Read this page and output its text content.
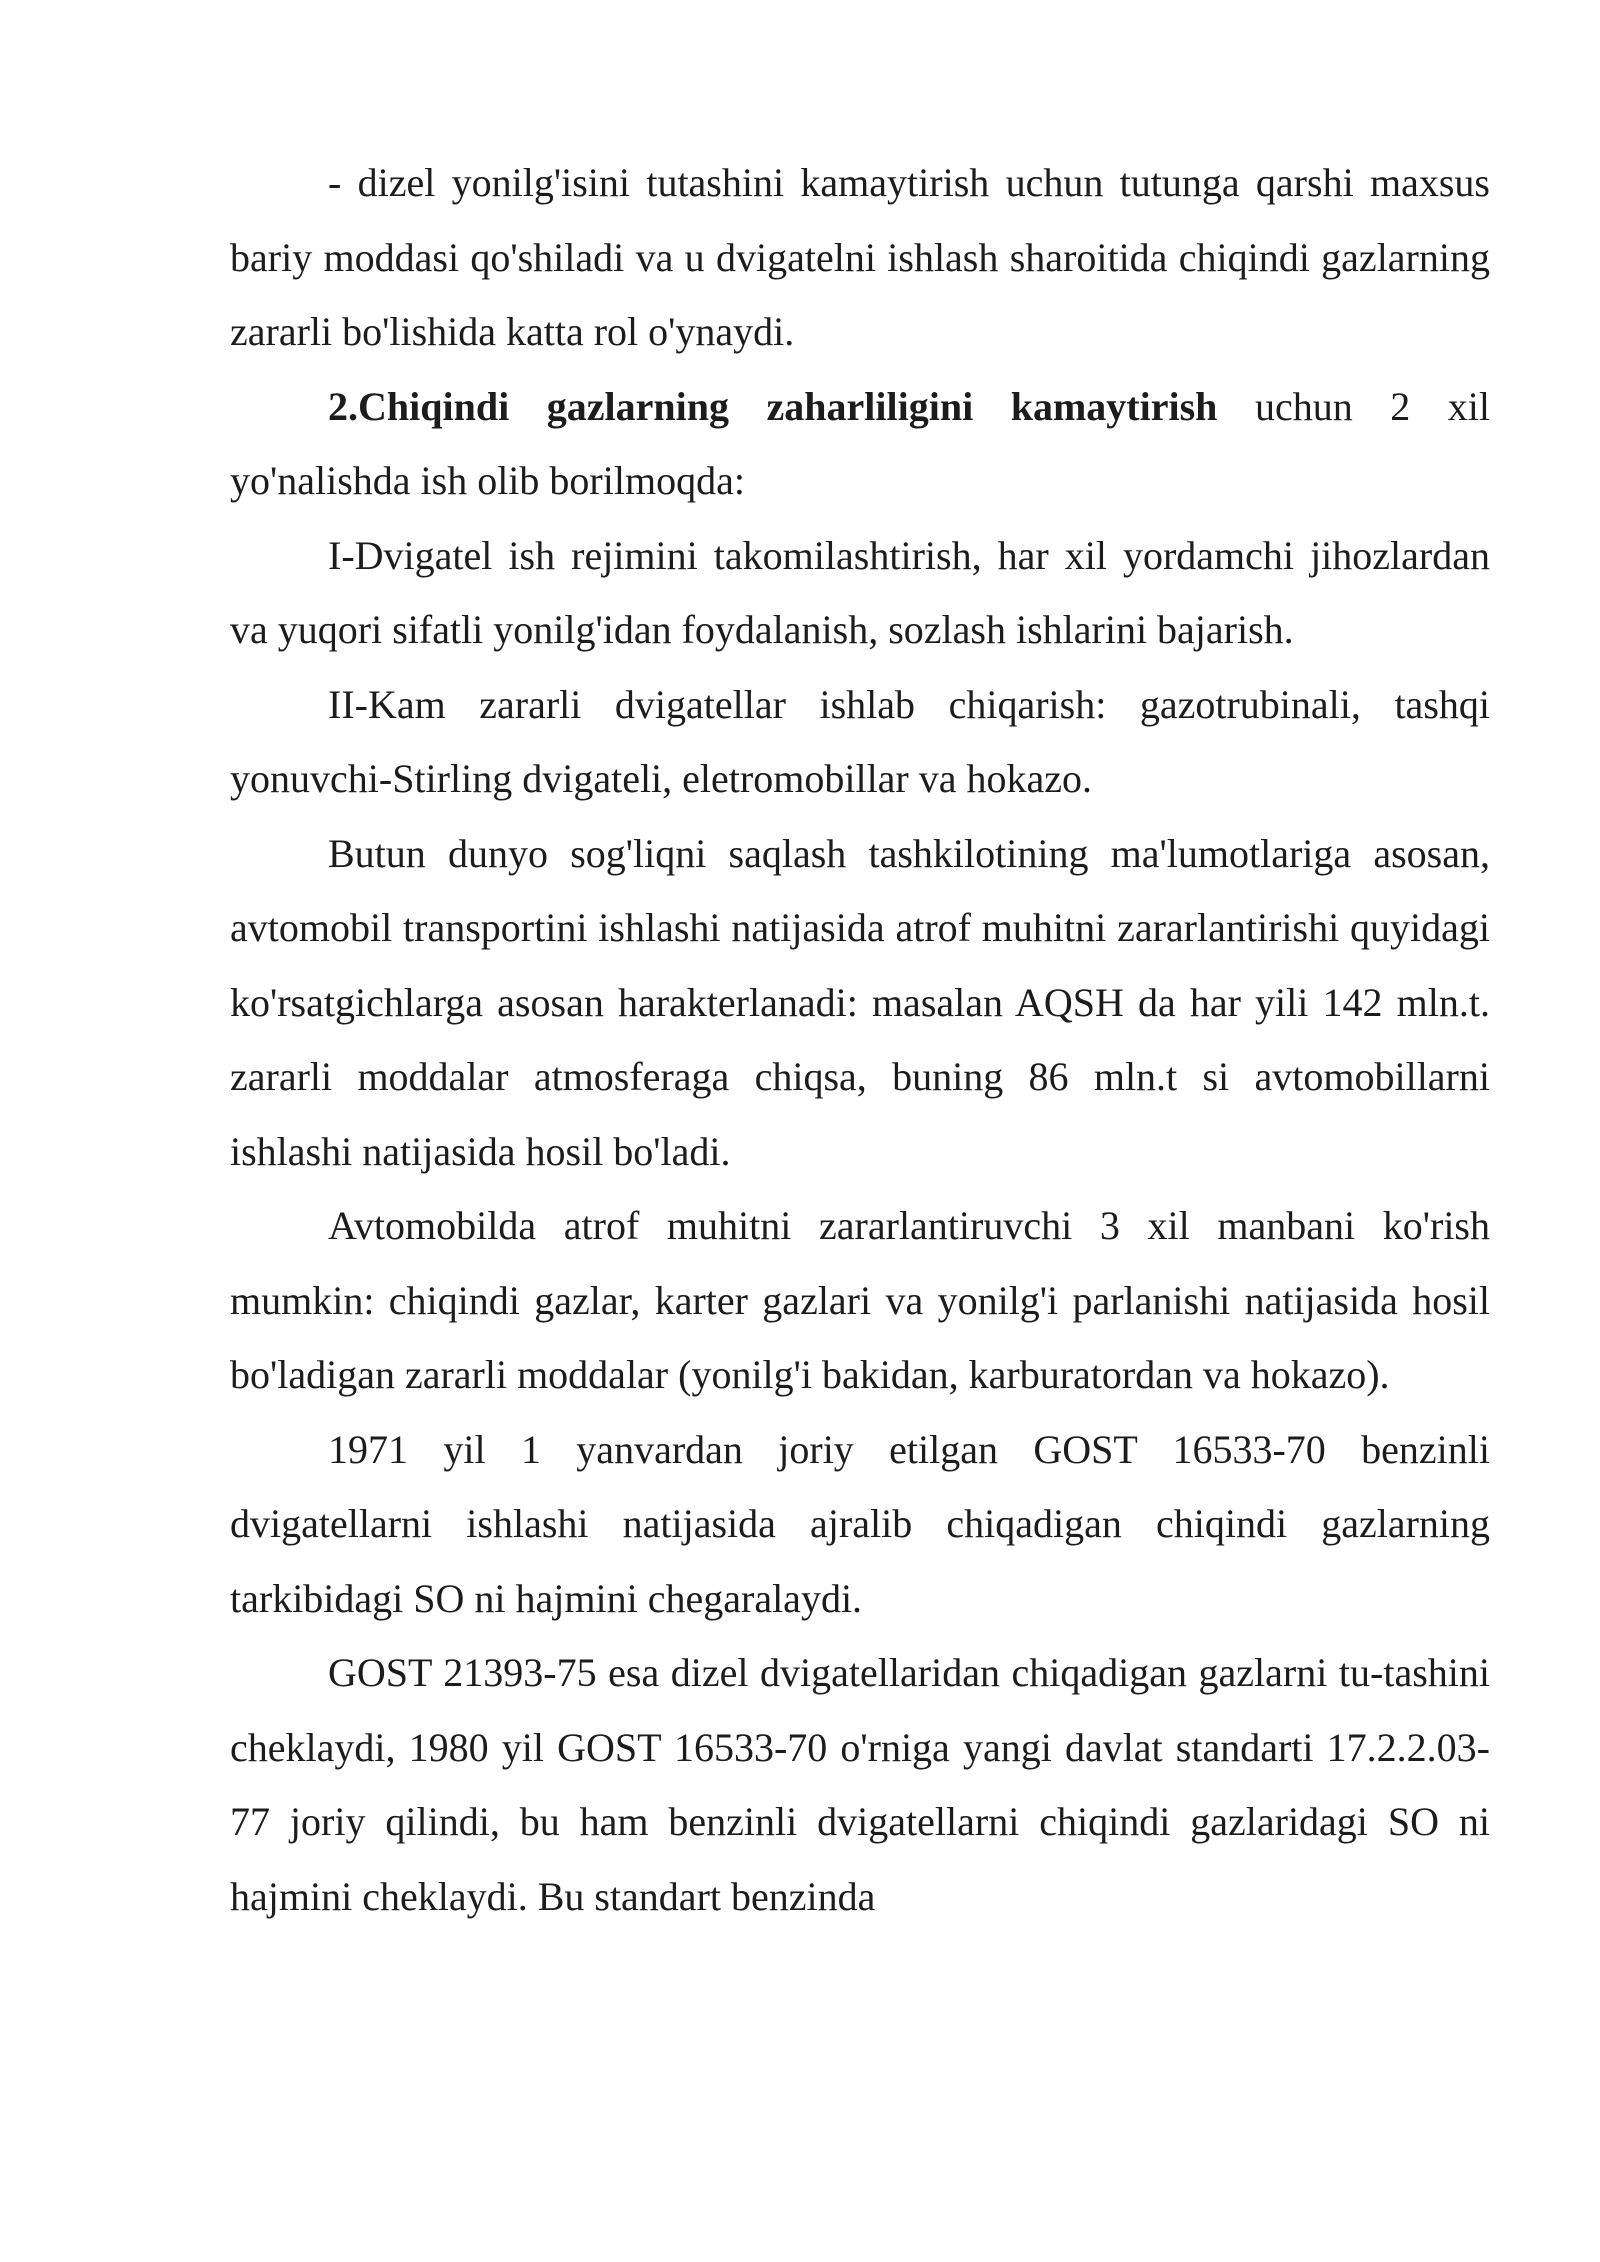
- dizel yonilg'isini tutashini kamaytirish uchun tutunga qarshi maxsus bariy moddasi qo'shiladi va u dvigatelni ishlash sharoitida chiqindi gazlarning zararli bo'lishida katta rol o'ynaydi.

2.Chiqindi gazlarning zaharliligini kamaytirish uchun 2 xil yo'nalishda ish olib borilmoqda:

I-Dvigatel ish rejimini takomilashtirish, har xil yordamchi jihozlardan va yuqori sifatli yonilg'idan foydalanish, sozlash ishlarini bajarish.

II-Kam zararli dvigatellar ishlab chiqarish: gazotrubinali, tashqi yonuvchi-Stirling dvigateli, eletromobillar va hokazo.

Butun dunyo sog'liqni saqlash tashkilotining ma'lumotlariga asosan, avtomobil transportini ishlashi natijasida atrof muhitni zararlantirishi quyidagi ko'rsatgichlarga asosan harakterlanadi: masalan AQSH da har yili 142 mln.t. zararli moddalar atmosferaga chiqsa, buning 86 mln.t si avtomobillarni ishlashi natijasida hosil bo'ladi.

Avtomobilda atrof muhitni zararlantiruvchi 3 xil manbani ko'rish mumkin: chiqindi gazlar, karter gazlari va yonilg'i parlanishi natijasida hosil bo'ladigan zararli moddalar (yonilg'i bakidan, karburatordan va hokazo).

1971 yil 1 yanvardan joriy etilgan GOST 16533-70 benzinli dvigatellarni ishlashi natijasida ajralib chiqadigan chiqindi gazlarning tarkibidagi SO ni hajmini chegaralaydi.

GOST 21393-75 esa dizel dvigatellaridan chiqadigan gazlarni tu-tashini cheklaydi, 1980 yil GOST 16533-70 o'rniga yangi davlat standarti 17.2.2.03-77 joriy qilindi, bu ham benzinli dvigatellarni chiqindi gazlaridagi SO ni hajmini cheklaydi. Bu standart benzinda
